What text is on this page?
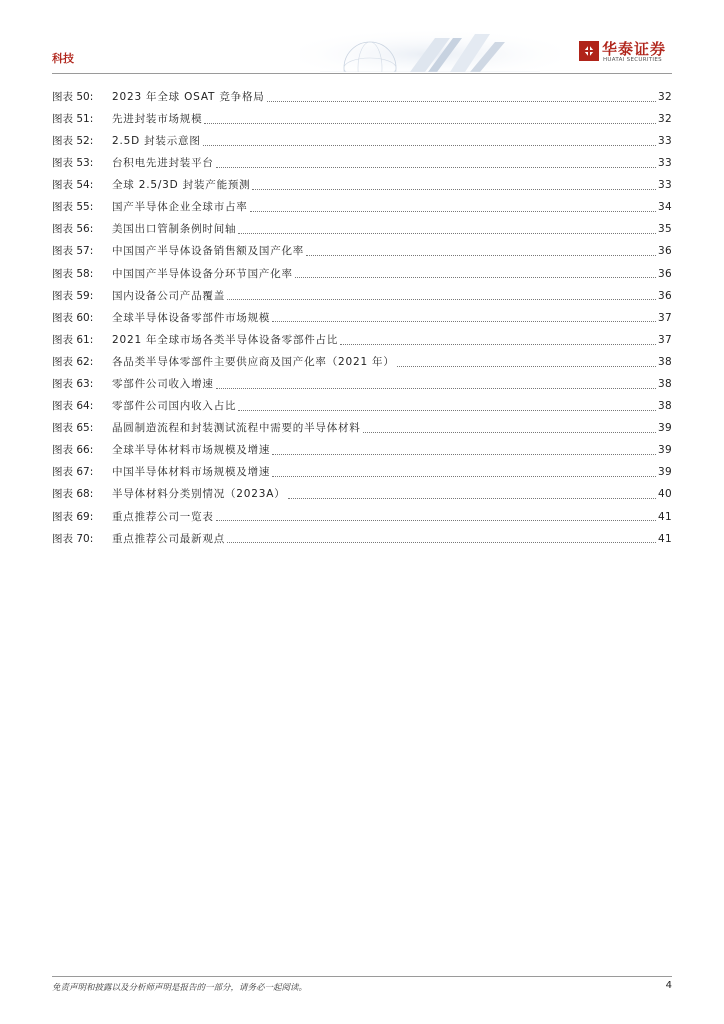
科技
华泰证券
HUATAI SECURITIES
图表 50:	2023 年全球 OSAT 竞争格局	32
图表 51:	先进封装市场规模	32
图表 52:	2.5D 封装示意图	33
图表 53:	台积电先进封装平台	33
图表 54:	全球 2.5/3D 封装产能预测	33
图表 55:	国产半导体企业全球市占率	34
图表 56:	美国出口管制条例时间轴	35
图表 57:	中国国产半导体设备销售额及国产化率	36
图表 58:	中国国产半导体设备分环节国产化率	36
图表 59:	国内设备公司产品覆盖	36
图表 60:	全球半导体设备零部件市场规模	37
图表 61:	2021 年全球市场各类半导体设备零部件占比	37
图表 62:	各品类半导体零部件主要供应商及国产化率（2021 年）	38
图表 63:	零部件公司收入增速	38
图表 64:	零部件公司国内收入占比	38
图表 65:	晶圆制造流程和封装测试流程中需要的半导体材料	39
图表 66:	全球半导体材料市场规模及增速	39
图表 67:	中国半导体材料市场规模及增速	39
图表 68:	半导体材料分类别情况（2023A）	40
图表 69:	重点推荐公司一览表	41
图表 70:	重点推荐公司最新观点	41
免责声明和披露以及分析师声明是报告的一部分，请务必一起阅读。	4
